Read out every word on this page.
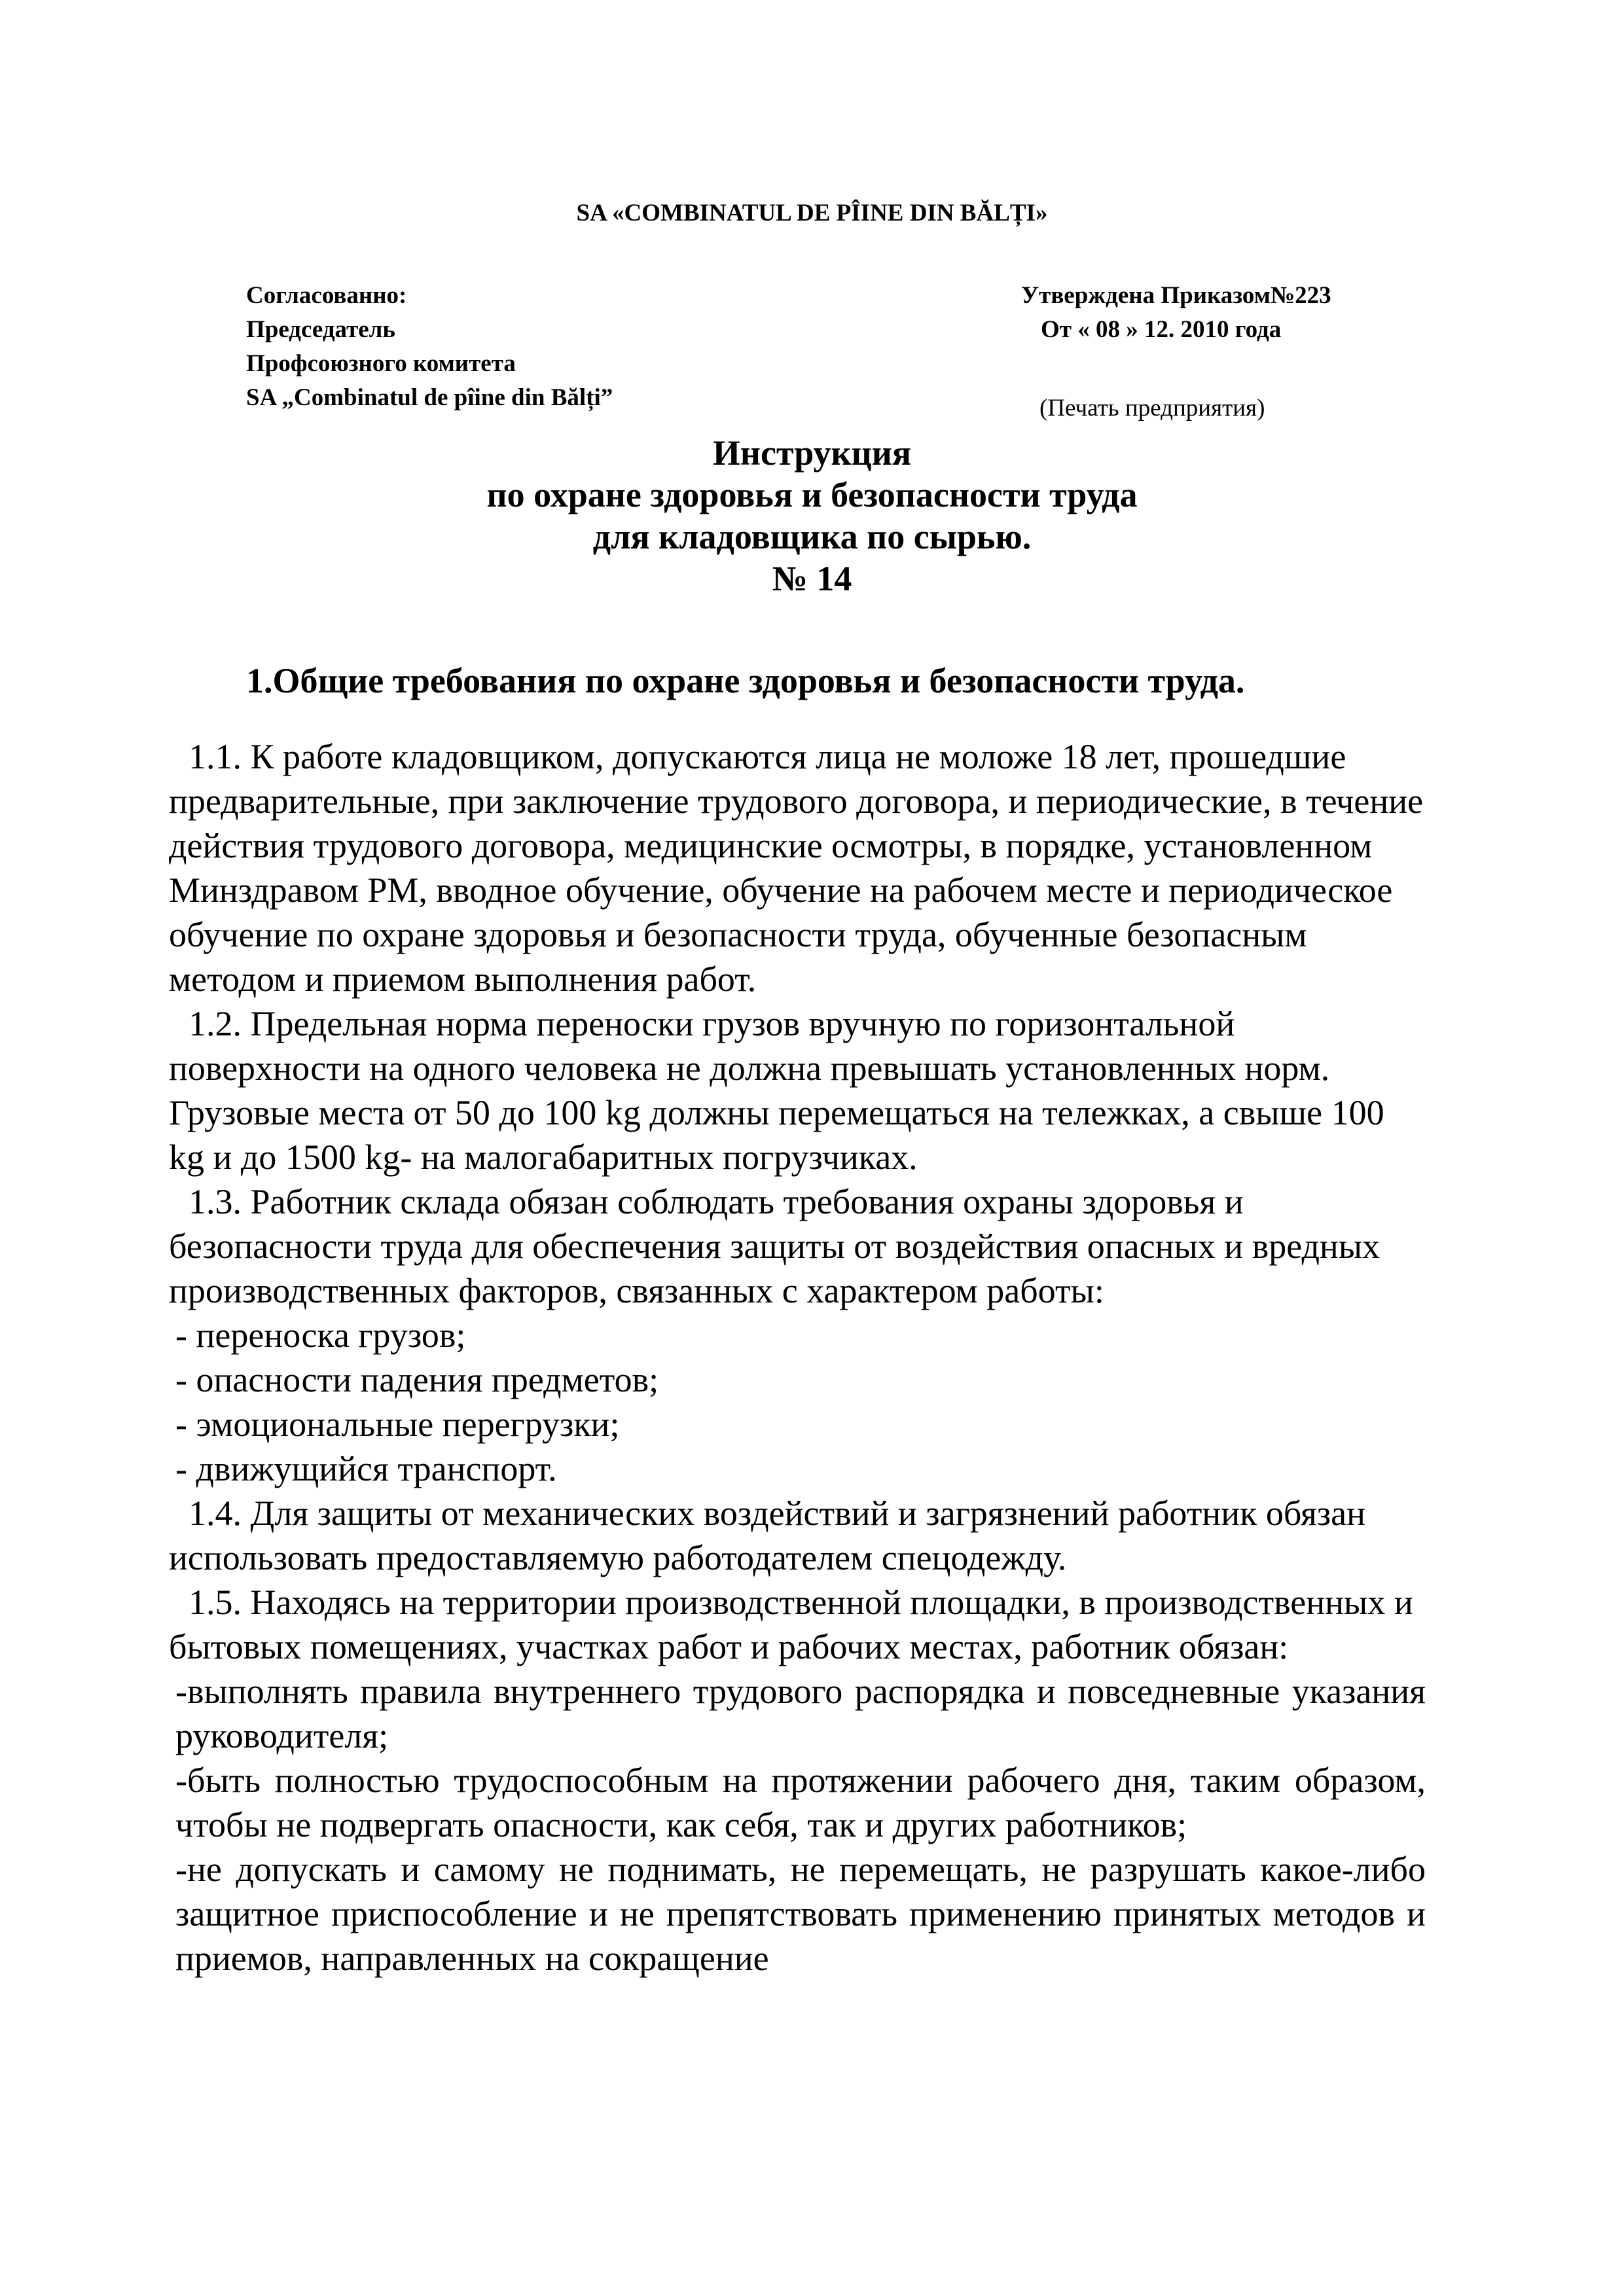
SA «COMBINATUL DE PÎINE DIN BĂLȚI»
Согласованно:
Председатель
Профсоюзного комитета
SA „Combinatul de pîine din Bălți”
Утверждена Приказом№223
От « 08 » 12. 2010 года
(Печать предприятия)
Инструкция
по охране здоровья и безопасности труда
для кладовщика по сырью.
№ 14
1.Общие требования по охране здоровья и безопасности труда.

1.1. К работе кладовщиком, допускаются лица не моложе 18 лет, прошедшие предварительные, при заключение трудового договора, и периодические, в течение действия трудового договора, медицинские осмотры, в порядке, установленном Минздравом РМ, вводное обучение, обучение на рабочем месте и периодическое обучение по охране здоровья и безопасности труда, обученные безопасным методом и приемом выполнения работ.

1.2. Предельная норма переноски грузов вручную по горизонтальной поверхности на одного человека не должна превышать установленных норм. Грузовые места от 50 до 100 kg должны перемещаться на тележках, а свыше 100 kg и до 1500 kg- на малогабаритных погрузчиках.

1.3. Работник склада обязан соблюдать требования охраны здоровья и безопасности труда для обеспечения защиты от воздействия опасных и вредных производственных факторов, связанных с характером работы:

- переноска грузов;

- опасности падения предметов;

- эмоциональные перегрузки;

- движущийся транспорт.

1.4. Для защиты от механических воздействий и загрязнений работник обязан использовать предоставляемую работодателем спецодежду.

1.5. Находясь на территории производственной площадки, в производственных и бытовых помещениях, участках работ и рабочих местах, работник обязан:

-выполнять правила внутреннего трудового распорядка и повседневные указания руководителя;

-быть полностью трудоспособным на протяжении рабочего дня, таким образом, чтобы не подвергать опасности, как себя, так и других работников;

-не допускать и самому не поднимать, не перемещать, не разрушать какое-либо защитное приспособление и не препятствовать применению принятых методов и приемов, направленных на сокращение
